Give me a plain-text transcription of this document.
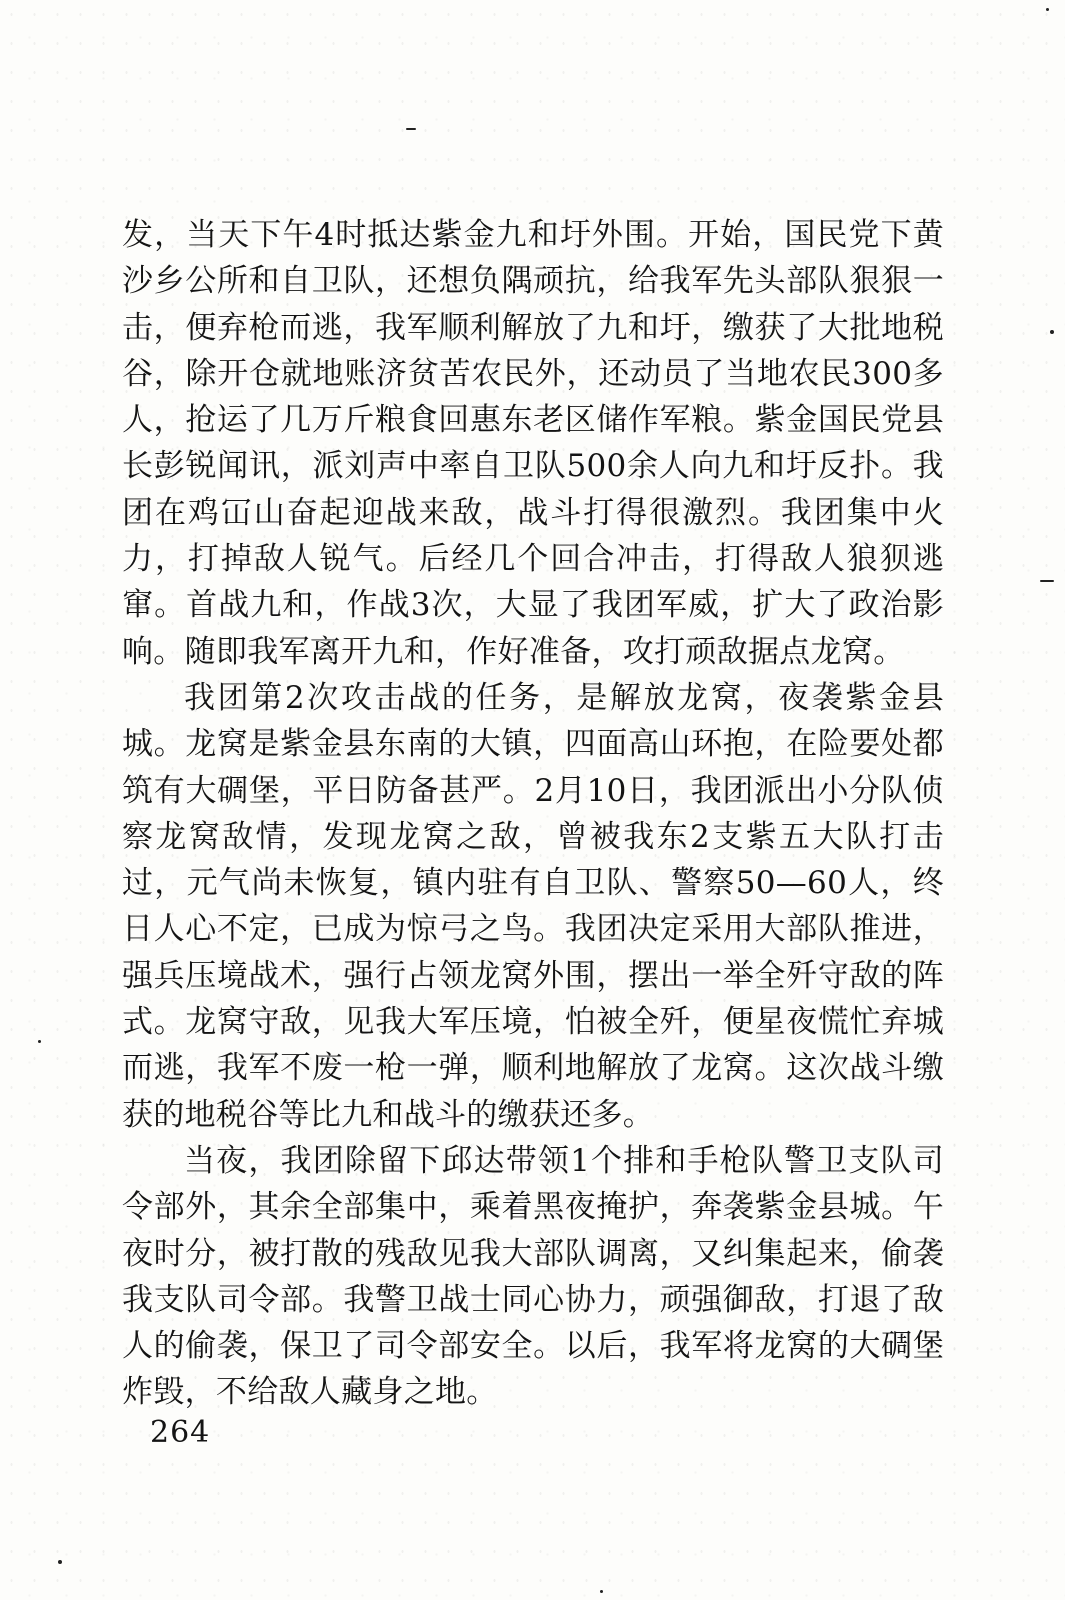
发，当天下午4时抵达紫金九和圩外围。开始，国民党下黄沙乡公所和自卫队，还想负隅顽抗，给我军先头部队狠狠一击，便弃枪而逃，我军顺利解放了九和圩，缴获了大批地税谷，除开仓就地账济贫苦农民外，还动员了当地农民300多人，抢运了几万斤粮食回惠东老区储作军粮。紫金国民党县长彭锐闻讯，派刘声中率自卫队500余人向九和圩反扑。我团在鸡冚山奋起迎战来敌，战斗打得很激烈。我团集中火力，打掉敌人锐气。后经几个回合冲击，打得敌人狼狈逃窜。首战九和，作战3次，大显了我团军威，扩大了政治影响。随即我军离开九和，作好准备，攻打顽敌据点龙窝。

我团第2次攻击战的任务，是解放龙窝，夜袭紫金县城。龙窝是紫金县东南的大镇，四面高山环抱，在险要处都筑有大碉堡，平日防备甚严。2月10日，我团派出小分队侦察龙窝敌情，发现龙窝之敌，曾被我东2支紫五大队打击过，元气尚未恢复，镇内驻有自卫队、警察50—60人，终日人心不定，已成为惊弓之鸟。我团决定采用大部队推进，强兵压境战术，强行占领龙窝外围，摆出一举全歼守敌的阵式。龙窝守敌，见我大军压境，怕被全歼，便星夜慌忙弃城而逃，我军不废一枪一弹，顺利地解放了龙窝。这次战斗缴获的地税谷等比九和战斗的缴获还多。

当夜，我团除留下邱达带领1个排和手枪队警卫支队司令部外，其余全部集中，乘着黑夜掩护，奔袭紫金县城。午夜时分，被打散的残敌见我大部队调离，又纠集起来，偷袭我支队司令部。我警卫战士同心协力，顽强御敌，打退了敌人的偷袭，保卫了司令部安全。以后，我军将龙窝的大碉堡炸毁，不给敌人藏身之地。

264
